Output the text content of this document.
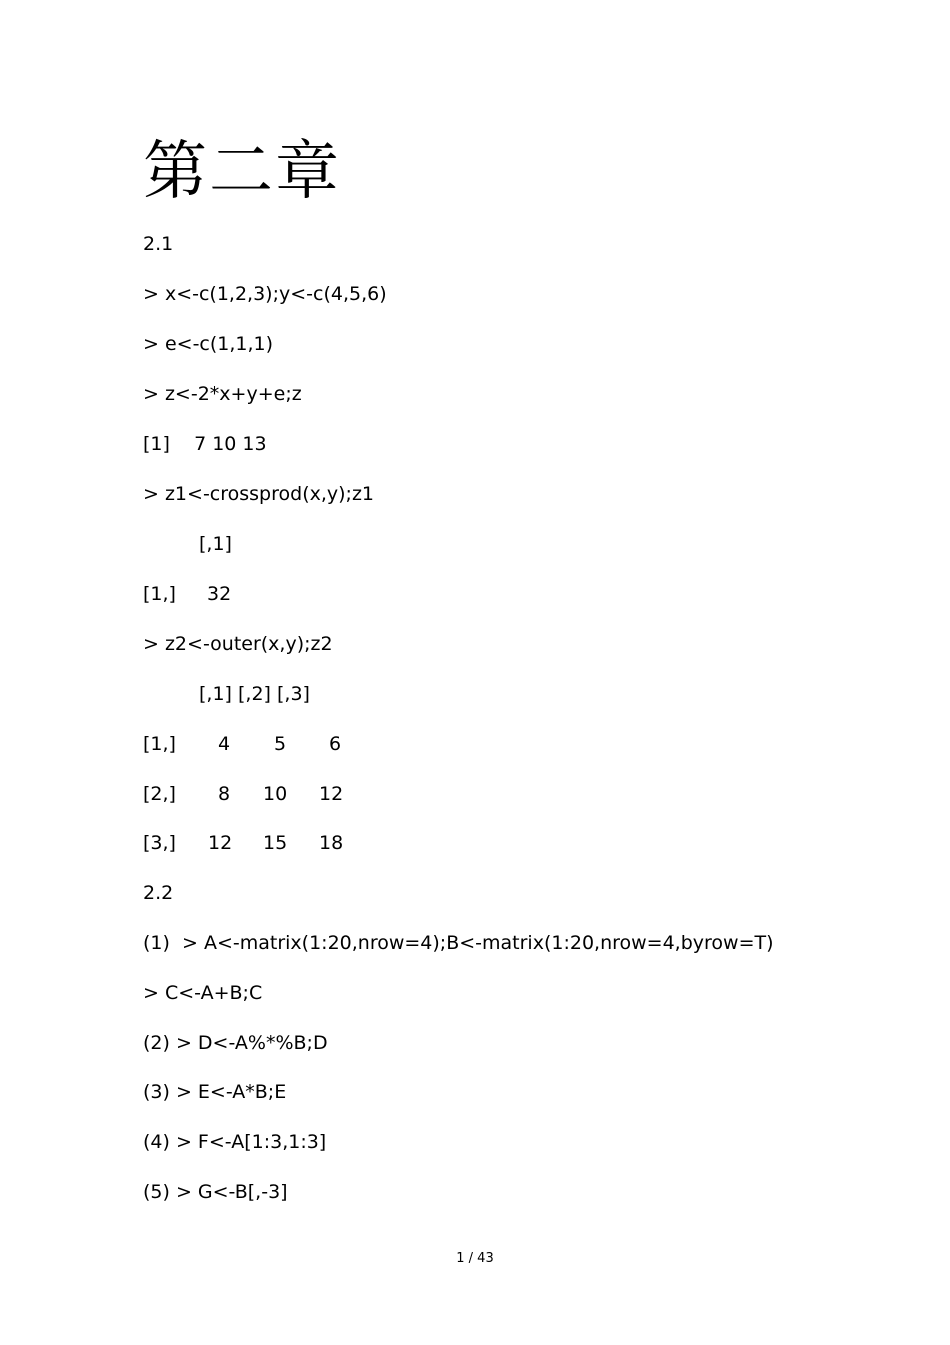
第二章
2.1
> x<-c(1,2,3);y<-c(4,5,6)
> e<-c(1,1,1)
> z<-2*x+y+e;z
[1]    7 10 13
> z1<-crossprod(x,y);z1
[,1]
[1,] 32
> z2<-outer(x,y);z2
[,1] [,2] [,3]
[1,] 4 5 6
[2,] 8 10 12
[3,] 12 15 18
2.2
(1)  > A<-matrix(1:20,nrow=4);B<-matrix(1:20,nrow=4,byrow=T)
> C<-A+B;C
(2) > D<-A%*%B;D
(3) > E<-A*B;E
(4) > F<-A[1:3,1:3]
(5) > G<-B[,-3]
1 / 43
